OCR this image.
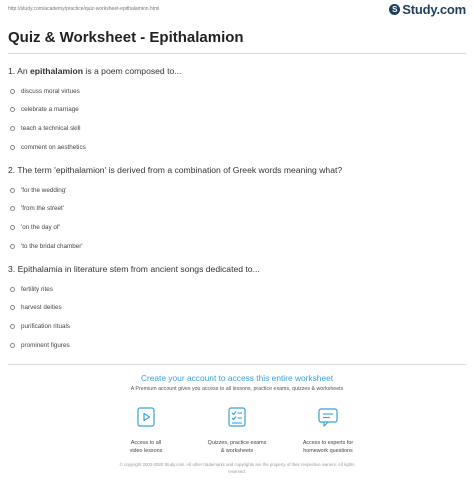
http://study.com/academy/practice/quiz-worksheet-epithalamion.html	S Study.com
Quiz & Worksheet - Epithalamion
1. An epithalamion is a poem composed to...
discuss moral virtues
celebrate a marriage
teach a technical skill
comment on aesthetics
2. The term 'epithalamion' is derived from a combination of Greek words meaning what?
'for the wedding'
'from the street'
'on the day of'
'to the bridal chamber'
3. Epithalamia in literature stem from ancient songs dedicated to...
fertility rites
harvest deities
purification rituals
prominent figures
Create your account to access this entire worksheet
A Premium account gives you access to all lessons, practice exams, quizzes & worksheets
Access to all
video lessons
Quizzes, practice exams
& worksheets
Access to experts for
homework questions
© copyright 2003-2020 Study.com. All other trademarks and copyrights are the property of their respective owners. All rights
reserved.
